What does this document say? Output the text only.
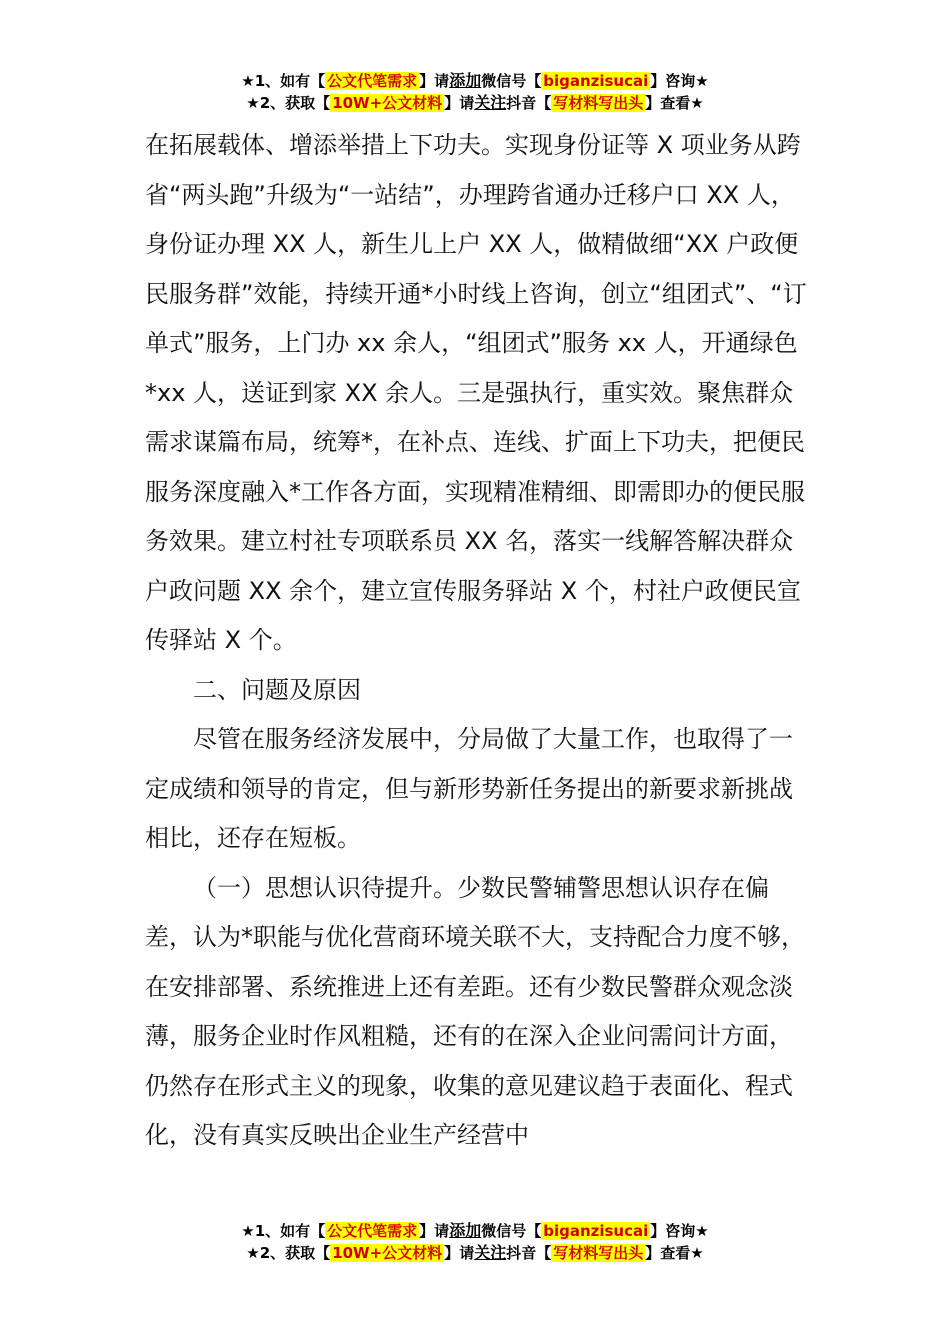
★1、如有【 公文代笔需求 】请添加微信号【 biganzisucai 】咨询★
★2、获取【 10W+公文材料 】请关注抖音【 写材料写出头 】查看★

在拓展载体、增添举措上下功夫。实现身份证等 X 项业务从跨省“两头跑”升级为“一站结”，办理跨省通办迁移户口 XX 人，身份证办理 XX 人，新生儿上户 XX 人，做精做细“XX 户政便民服务群”效能，持续开通*小时线上咨询，创立“组团式”、“订单式”服务，上门办 xx 余人，“组团式”服务 xx 人，开通绿色*xx 人，送证到家 XX 余人。三是强执行，重实效。聚焦群众需求谋篇布局，统筹*，在补点、连线、扩面上下功夫，把便民服务深度融入*工作各方面，实现精准精细、即需即办的便民服务效果。建立村社专项联系员 XX 名，落实一线解答解决群众户政问题 XX 余个，建立宣传服务驿站 X 个，村社户政便民宣传驿站 X 个。

二、问题及原因

尽管在服务经济发展中，分局做了大量工作，也取得了一定成绩和领导的肯定，但与新形势新任务提出的新要求新挑战相比，还存在短板。

（一）思想认识待提升。少数民警辅警思想认识存在偏差，认为*职能与优化营商环境关联不大，支持配合力度不够，在安排部署、系统推进上还有差距。还有少数民警群众观念淡薄，服务企业时作风粗糙，还有的在深入企业问需问计方面，仍然存在形式主义的现象，收集的意见建议趋于表面化、程式化，没有真实反映出企业生产经营中

★1、如有【 公文代笔需求 】请添加微信号【 biganzisucai 】咨询★
★2、获取【 10W+公文材料 】请关注抖音【 写材料写出头 】查看★
